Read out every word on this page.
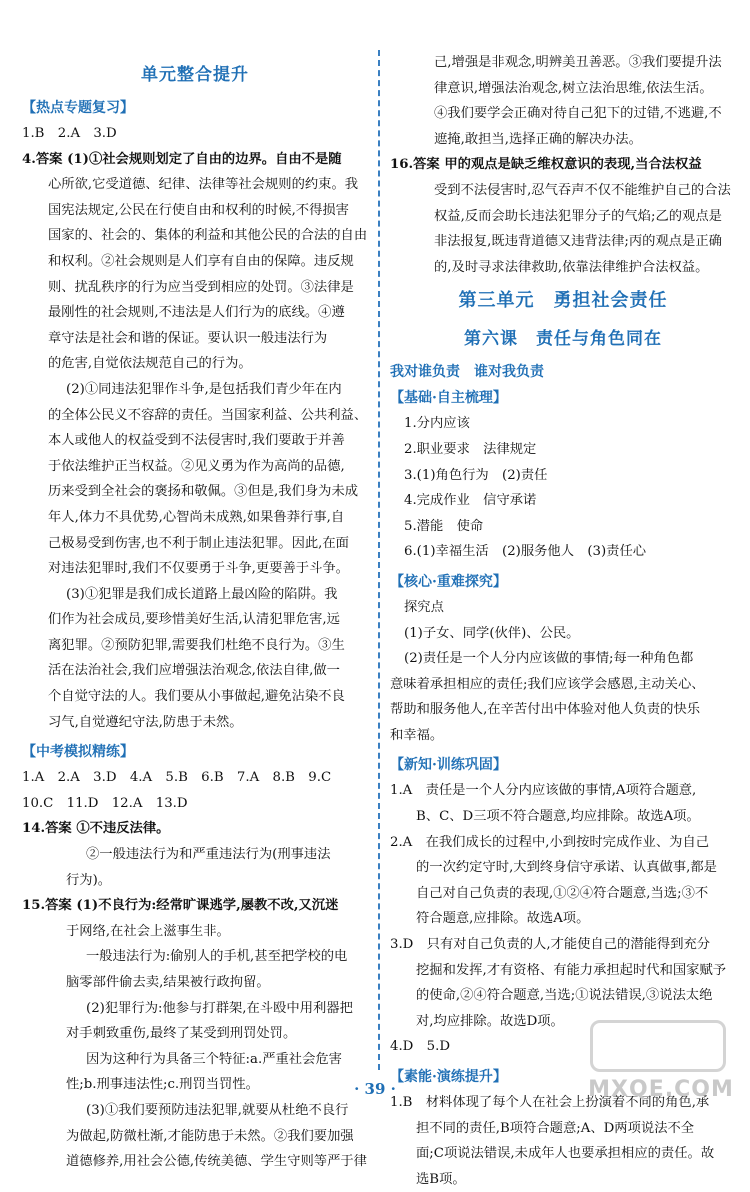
单元整合提升
【热点专题复习】
1.B　2.A　3.D
4.答案 (1)①社会规则划定了自由的边界。自由不是随
心所欲,它受道德、纪律、法律等社会规则的约束。我
国宪法规定,公民在行使自由和权利的时候,不得损害
国家的、社会的、集体的利益和其他公民的合法的自由
和权利。②社会规则是人们享有自由的保障。违反规
则、扰乱秩序的行为应当受到相应的处罚。③法律是
最刚性的社会规则,不违法是人们行为的底线。④遵
章守法是社会和谐的保证。要认识一般违法行为
的危害,自觉依法规范自己的行为。
(2)①同违法犯罪作斗争,是包括我们青少年在内
的全体公民义不容辞的责任。当国家利益、公共利益、
本人或他人的权益受到不法侵害时,我们要敢于并善
于依法维护正当权益。②见义勇为作为高尚的品德,
历来受到全社会的褒扬和敬佩。③但是,我们身为未成
年人,体力不具优势,心智尚未成熟,如果鲁莽行事,自
己极易受到伤害,也不利于制止违法犯罪。因此,在面
对违法犯罪时,我们不仅要勇于斗争,更要善于斗争。
(3)①犯罪是我们成长道路上最凶险的陷阱。我
们作为社会成员,要珍惜美好生活,认清犯罪危害,远
离犯罪。②预防犯罪,需要我们杜绝不良行为。③生
活在法治社会,我们应增强法治观念,依法自律,做一
个自觉守法的人。我们要从小事做起,避免沾染不良
习气,自觉遵纪守法,防患于未然。
【中考模拟精练】
1.A　2.A　3.D　4.A　5.B　6.B　7.A　8.B　9.C
10.C　11.D　12.A　13.D
14.答案 ①不违反法律。
②一般违法行为和严重违法行为(刑事违法
行为)。
15.答案 (1)不良行为:经常旷课逃学,屡教不改,又沉迷
于网络,在社会上滋事生非。
一般违法行为:偷别人的手机,甚至把学校的电
脑零部件偷去卖,结果被行政拘留。
(2)犯罪行为:他参与打群架,在斗殴中用利器把
对手刺致重伤,最终了某受到刑罚处罚。
因为这种行为具备三个特征:a.严重社会危害
性;b.刑事违法性;c.刑罚当罚性。
(3)①我们要预防违法犯罪,就要从杜绝不良行
为做起,防微杜渐,才能防患于未然。②我们要加强
道德修养,用社会公德,传统美德、学生守则等严于律
己,增强是非观念,明辨美丑善恶。③我们要提升法
律意识,增强法治观念,树立法治思维,依法生活。
④我们要学会正确对待自己犯下的过错,不逃避,不
遮掩,敢担当,选择正确的解决办法。
16.答案 甲的观点是缺乏维权意识的表现,当合法权益
受到不法侵害时,忍气吞声不仅不能维护自己的合法
权益,反而会助长违法犯罪分子的气焰;乙的观点是
非法报复,既违背道德又违背法律;丙的观点是正确
的,及时寻求法律救助,依靠法律维护合法权益。
第三单元　勇担社会责任
第六课　责任与角色同在
我对谁负责　谁对我负责
【基础·自主梳理】
1.分内应该
2.职业要求　法律规定
3.(1)角色行为　(2)责任
4.完成作业　信守承诺
5.潜能　使命
6.(1)幸福生活　(2)服务他人　(3)责任心
【核心·重难探究】
探究点
(1)子女、同学(伙伴)、公民。
(2)责任是一个人分内应该做的事情;每一种角色都
意味着承担相应的责任;我们应该学会感恩,主动关心、
帮助和服务他人,在辛苦付出中体验对他人负责的快乐
和幸福。
【新知·训练巩固】
1.A　责任是一个人分内应该做的事情,A项符合题意,
B、C、D三项不符合题意,均应排除。故选A项。
2.A　在我们成长的过程中,小到按时完成作业、为自己
的一次约定守时,大到终身信守承诺、认真做事,都是
自己对自己负责的表现,①②④符合题意,当选;③不
符合题意,应排除。故选A项。
3.D　只有对自己负责的人,才能使自己的潜能得到充分
挖掘和发挥,才有资格、有能力承担起时代和国家赋予
的使命,②④符合题意,当选;①说法错误,③说法太绝
对,均应排除。故选D项。
4.D　5.D
【素能·演练提升】
1.B　材料体现了每个人在社会上扮演着不同的角色,承
担不同的责任,B项符合题意;A、D两项说法不全
面;C项说法错误,未成年人也要承担相应的责任。故
选B项。
· 39 ·	MXQE.COM
